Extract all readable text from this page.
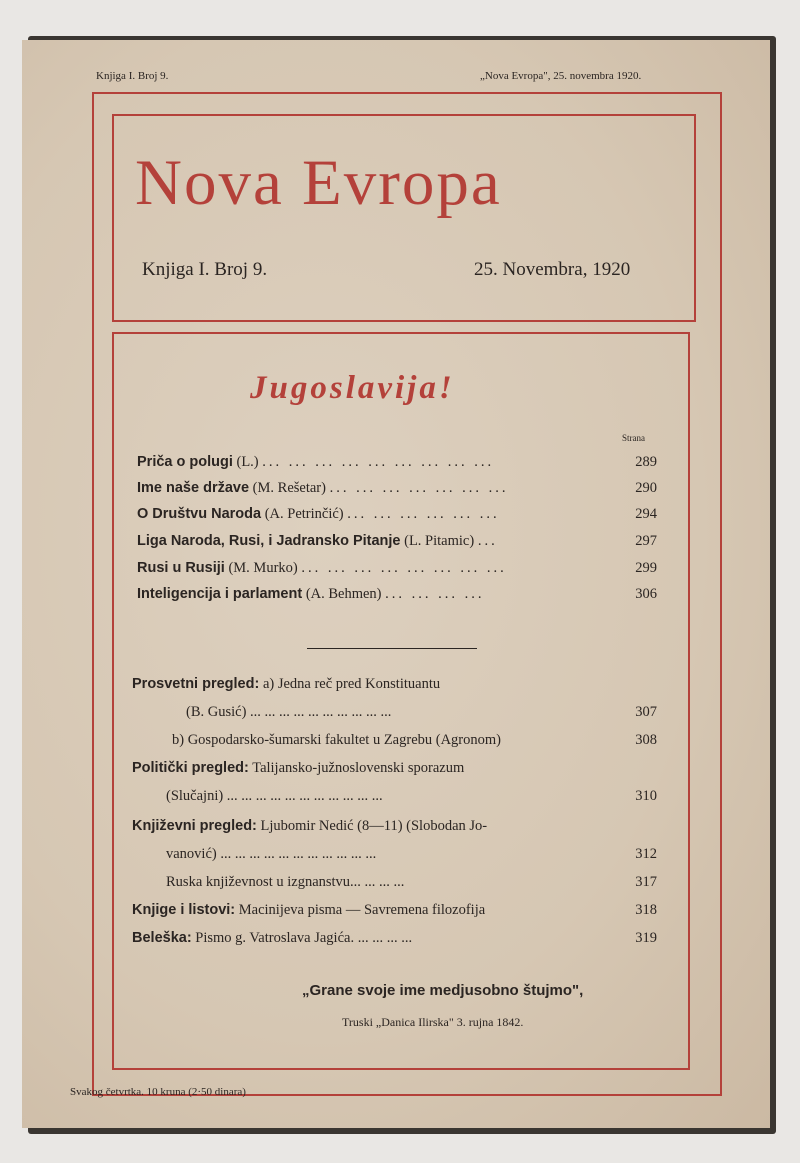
Knjiga I. Broj 9.	„Nova Evropa", 25. novembra 1920.
Nova Evropa
Knjiga I. Broj 9.	25. Novembra, 1920
Jugoslavija!
Strana
Priča o polugi (L.) ... ... ... ... ... ... ... ... ...	289
Ime naše države (M. Rešetar) ... ... ... ... ... ... ...	290
O Društvu Naroda (A. Petrinčić) ... ... ... ... ... ...	294
Liga Naroda, Rusi, i Jadransko Pitanje (L. Pitamic) ...	297
Rusi u Rusiji (M. Murko) ... ... ... ... ... ... ... ...	299
Inteligencija i parlament (A. Behmen) ... ... ... ...	306
Prosvetni pregled: a) Jedna reč pred Konstituantu
(B. Gusić) ... ... ... ... ... ... ... ... ... ...	307
b) Gospodarsko-šumarski fakultet u Zagrebu (Agronom)	308
Politički pregled: Talijansko-južnoslovenski sporazum
(Slučajni) ... ... ... ... ... ... ... ... ... ... ...	310
Književni pregled: Ljubomir Nedić (8—11) (Slobodan Jo-
vanović) ... ... ... ... ... ... ... ... ... ... ...	312
Ruska književnost u izgnanstvu... ... ... ...	317
Knjige i listovi: Macinijeva pisma — Savremena filozofija	318
Beleška: Pismo g. Vatroslava Jagića. ... ... ... ...	319
„Grane svoje ime medjusobno štujmo",
Truski „Danica Ilirska" 3. rujna 1842.
Svakog četvrtka. 10 kruna (2·50 dinara)
